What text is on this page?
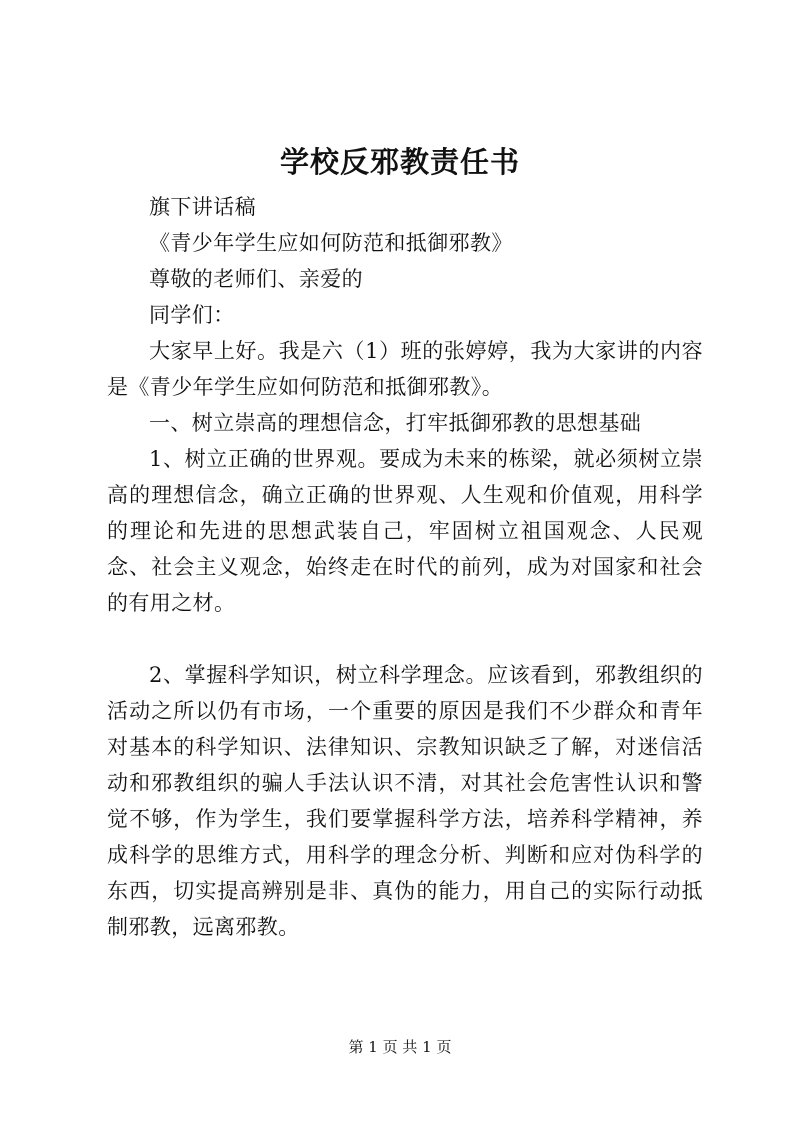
学校反邪教责任书

旗下讲话稿

《青少年学生应如何防范和抵御邪教》

尊敬的老师们、亲爱的

同学们：

大家早上好。我是六（1）班的张婷婷，我为大家讲的内容是《青少年学生应如何防范和抵御邪教》。

一、树立崇高的理想信念，打牢抵御邪教的思想基础

1、树立正确的世界观。要成为未来的栋梁，就必须树立崇高的理想信念，确立正确的世界观、人生观和价值观，用科学的理论和先进的思想武装自己，牢固树立祖国观念、人民观念、社会主义观念，始终走在时代的前列，成为对国家和社会的有用之材。

2、掌握科学知识，树立科学理念。应该看到，邪教组织的活动之所以仍有市场，一个重要的原因是我们不少群众和青年对基本的科学知识、法律知识、宗教知识缺乏了解，对迷信活动和邪教组织的骗人手法认识不清，对其社会危害性认识和警觉不够，作为学生，我们要掌握科学方法，培养科学精神，养成科学的思维方式，用科学的理念分析、判断和应对伪科学的东西，切实提高辨别是非、真伪的能力，用自己的实际行动抵制邪教，远离邪教。

第 1 页 共 1 页
